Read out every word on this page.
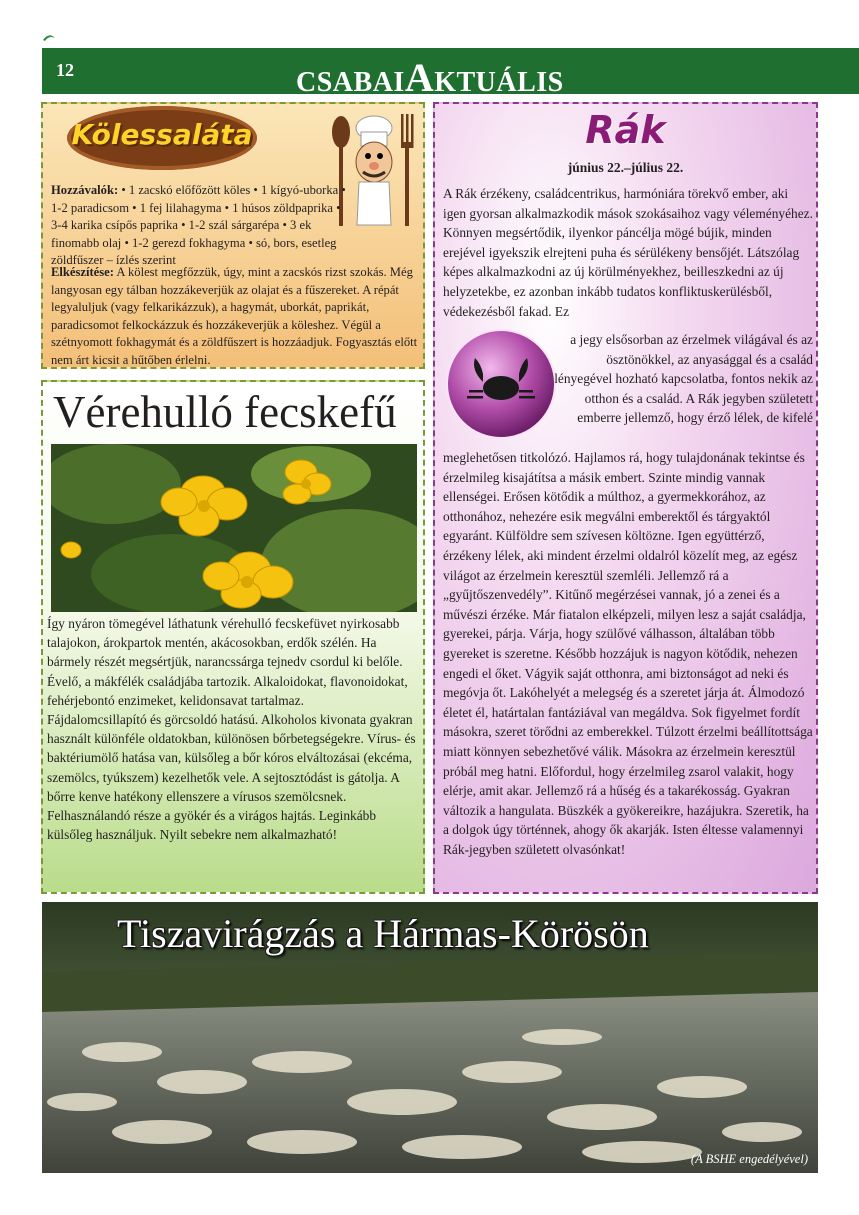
12	CSABAIAKTUÁLIS
Kölessaláta
Hozzávalók: • 1 zacskó előfőzött köles • 1 kígyó-uborka • 1-2 paradicsom • 1 fej lilahagyma • 1 húsos zöldpaprika • 3-4 karika csípős paprika • 1-2 szál sárgarépa • 3 ek finomabb olaj • 1-2 gerezd fokhagyma • só, bors, esetleg zöldfűszer – ízlés szerint
Elkészítése: A kölest megfőzzük, úgy, mint a zacskós rizst szokás. Még langyosan egy tálban hozzákeverjük az olajat és a fűszereket. A répát legyaluljuk (vagy felkarikázzuk), a hagymát, uborkát, paprikát, paradicsomot felkockázzuk és hozzákeverjük a köleshez. Végül a szétnyomott fokhagymát és a zöldfűszert is hozzáadjuk. Fogyasztás előtt nem árt kicsit a hűtőben érlelni.
Vérehulló fecskefű
Így nyáron tömegével láthatunk vérehulló fecskefüvet nyirkosabb talajokon, árokpartok mentén, akácosokban, erdők szélén. Ha bármely részét megsértjük, narancssárga tejnedv csordul ki belőle. Évelő, a mákfélék családjába tartozik. Alkaloidokat, flavonoidokat, fehérjebontó enzimeket, kelidonsavat tartalmaz.
Fájdalomcsillapító és görcsoldó hatású. Alkoholos kivonata gyakran használt különféle oldatokban, különösen bőrbetegségekre. Vírus- és baktériumölő hatása van, külsőleg a bőr kóros elváltozásai (ekcéma, szemölcs, tyúkszem) kezelhetők vele. A sejtosztódást is gátolja. A bőrre kenve hatékony ellenszere a vírusos szemölcsnek.
Felhasználandó része a gyökér és a virágos hajtás. Leginkább külsőleg használjuk. Nyilt sebekre nem alkalmazható!
Rák
június 22.–július 22.
A Rák érzékeny, családcentrikus, harmóniára törekvő ember, aki igen gyorsan alkalmazkodik mások szokásaihoz vagy véleményéhez. Könnyen megsértődik, ilyenkor páncélja mögé bújik, minden erejével igyekszik elrejteni puha és sérülékeny bensőjét. Látszólag képes alkalmazkodni az új körülményekhez, beilleszkedni az új helyzetekbe, ez azonban inkább tudatos konfliktuskerülésből, védekezésből fakad. Ez
a jegy elsősorban az érzelmek világával és az ösztönökkel, az anyasággal és a család lényegével hozható kapcsolatba, fontos nekik az otthon és a család. A Rák jegyben született emberre jellemző, hogy érző lélek, de kifelé
meglehetősen titkolózó. Hajlamos rá, hogy tulajdonának tekintse és érzelmileg kisajátítsa a másik embert. Szinte mindig vannak ellenségei. Erősen kötődik a múlthoz, a gyermekkorához, az otthonához, nehezére esik megválni emberektől és tárgyaktól egyaránt. Külföldre sem szívesen költözne. Igen együttérző, érzékeny lélek, aki mindent érzelmi oldalról közelít meg, az egész világot az érzelmein keresztül szemléli. Jellemző rá a „gyűjtőszenvedély”. Kitűnő megérzései vannak, jó a zenei és a művészi érzéke. Már fiatalon elképzeli, milyen lesz a saját családja, gyerekei, párja. Várja, hogy szülővé válhasson, általában több gyereket is szeretne. Később hozzájuk is nagyon kötődik, nehezen engedi el őket. Vágyik saját otthonra, ami biztonságot ad neki és megóvja őt. Lakóhelyét a melegség és a szeretet járja át. Álmodozó életet él, határtalan fantáziával van megáldva. Sok figyelmet fordít másokra, szeret törődni az emberekkel. Túlzott érzelmi beállítottsága miatt könnyen sebezhetővé válik. Másokra az érzelmein keresztül próbál meg hatni. Előfordul, hogy érzelmileg zsarol valakit, hogy elérje, amit akar. Jellemző rá a hűség és a takarékosság. Gyakran változik a hangulata. Büszkék a gyökereikre, hazájukra. Szeretik, ha a dolgok úgy történnek, ahogy ők akarják. Isten éltesse valamennyi Rák-jegyben született olvasónkat!
Tiszavirágzás a Hármas-Körösön
(A BSHE engedélyével)
